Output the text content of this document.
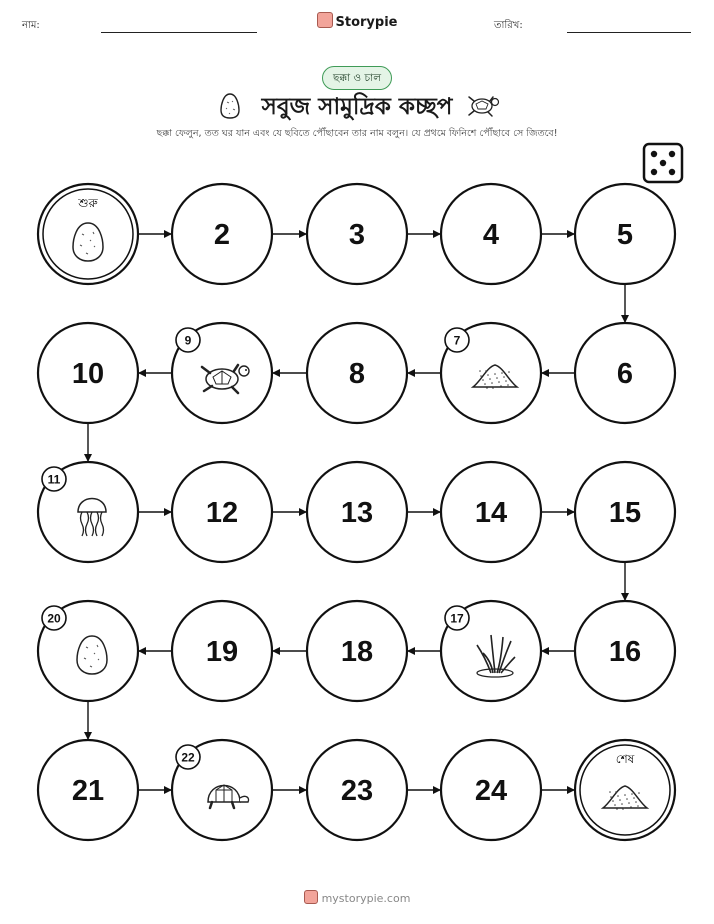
নাম:	Storypie	তারিখ:
ছক্কা ও চাল
সবুজ সামুদ্রিক কচ্ছপ
ছক্কা ফেলুন, তত ঘর যান এবং যে ছবিতে পৌঁছাবেন তার নাম বলুন। যে প্রথমে ফিনিশে পৌঁছাবে সে জিতবে!
শুরু
2	3	4	5
10
9
8
7
6
11
12	13	14	15
20
19	18
17
16
21
22
23	24
শেষ
mystorypie.com
